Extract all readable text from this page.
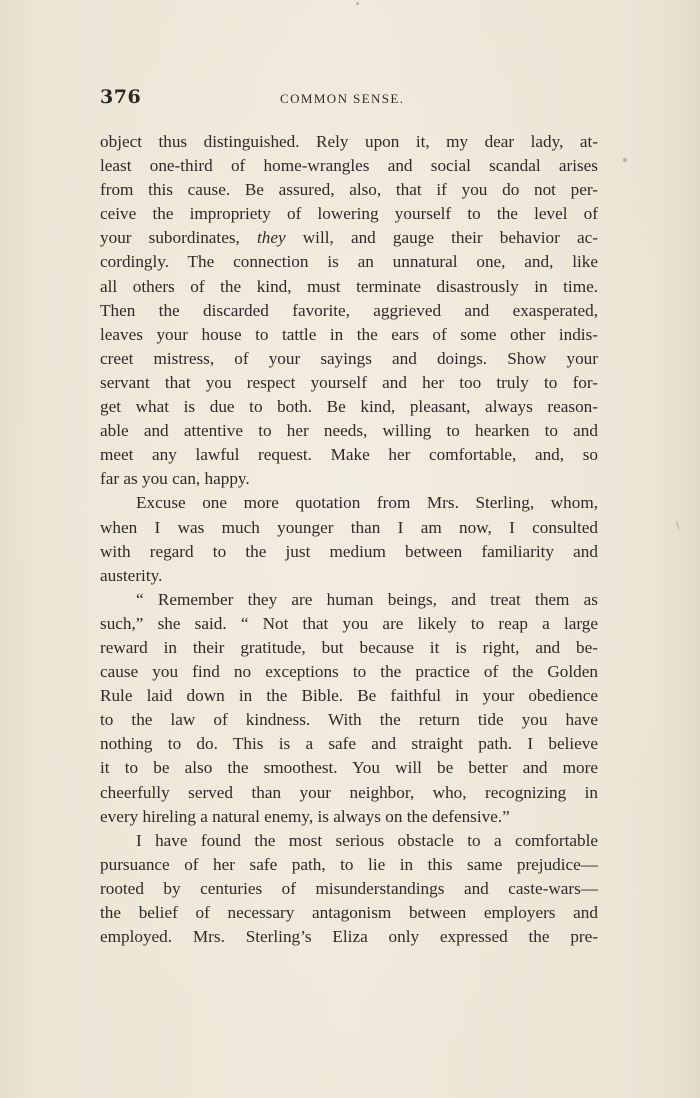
376	COMMON SENSE.
object thus distinguished. Rely upon it, my dear lady, at-
least one-third of home-wrangles and social scandal arises
from this cause. Be assured, also, that if you do not per-
ceive the impropriety of lowering yourself to the level of
your subordinates, they will, and gauge their behavior ac-
cordingly. The connection is an unnatural one, and, like
all others of the kind, must terminate disastrously in time.
Then the discarded favorite, aggrieved and exasperated,
leaves your house to tattle in the ears of some other indis-
creet mistress, of your sayings and doings. Show your
servant that you respect yourself and her too truly to for-
get what is due to both. Be kind, pleasant, always reason-
able and attentive to her needs, willing to hearken to and
meet any lawful request. Make her comfortable, and, so
far as you can, happy.
Excuse one more quotation from Mrs. Sterling, whom,
when I was much younger than I am now, I consulted
with regard to the just medium between familiarity and
austerity.
“ Remember they are human beings, and treat them as
such,” she said. “ Not that you are likely to reap a large
reward in their gratitude, but because it is right, and be-
cause you find no exceptions to the practice of the Golden
Rule laid down in the Bible. Be faithful in your obedience
to the law of kindness. With the return tide you have
nothing to do. This is a safe and straight path. I believe
it to be also the smoothest. You will be better and more
cheerfully served than your neighbor, who, recognizing in
every hireling a natural enemy, is always on the defensive.”
I have found the most serious obstacle to a comfortable
pursuance of her safe path, to lie in this same prejudice—
rooted by centuries of misunderstandings and caste-wars—
the belief of necessary antagonism between employers and
employed. Mrs. Sterling’s Eliza only expressed the pre-
\
